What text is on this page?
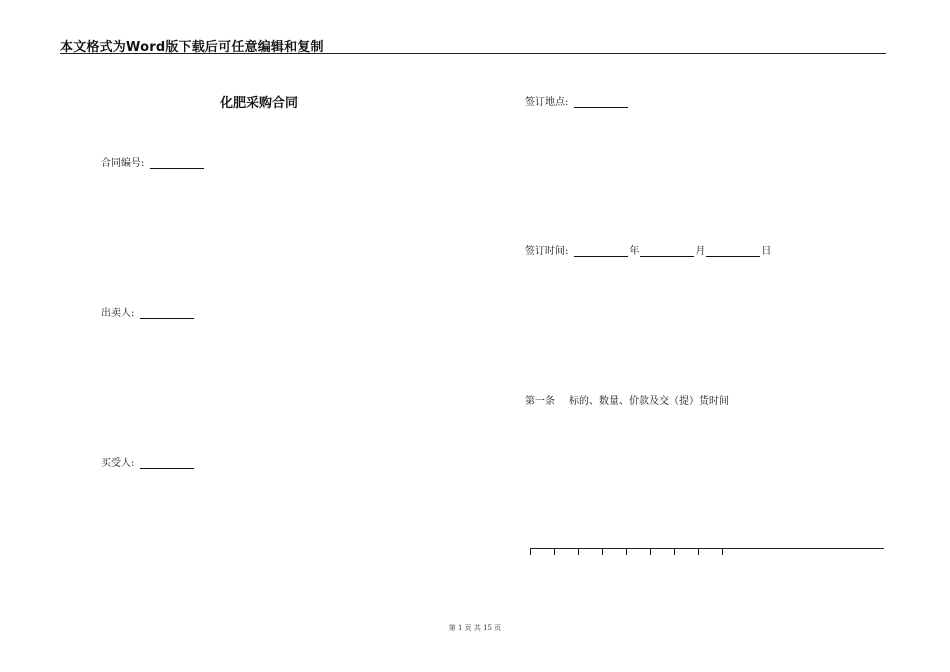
本文格式为Word版下载后可任意编辑和复制
化肥采购合同
合同编号:
出卖人:
买受人:
签订地点:
签订时间:	年	月	日
第一条 标的、数量、价款及交（提）货时间
第 1 页 共 15 页
